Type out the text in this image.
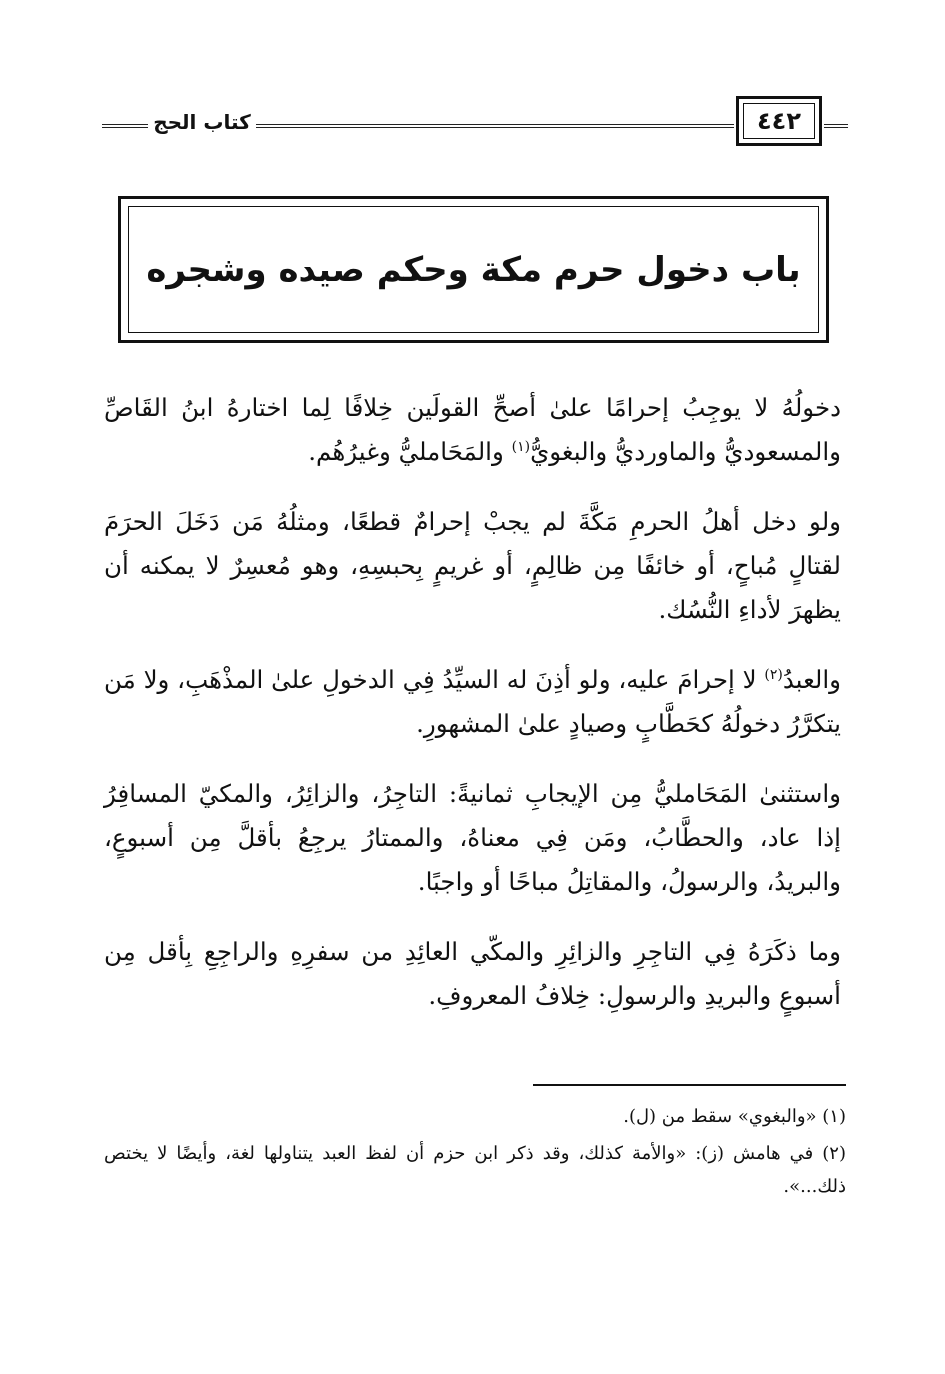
٤٤٢
كتاب الحج
باب دخول حرم مكة وحكم صيده وشجره

دخولُهُ لا يوجِبُ إحرامًا علىٰ أصحِّ القولَين خِلافًا لِما اختارهُ ابنُ القَاصِّ والمسعوديُّ والماورديُّ والبغويُّ$^{(١)}$ والمَحَامليُّ وغيرُهُم.

ولو دخل أهلُ الحرمِ مَكَّةَ لم يجبْ إحرامٌ قطعًا، ومثلُهُ مَن دَخَلَ الحرَمَ لقتالٍ مُباحٍ، أو خائفًا مِن ظالِمٍ، أو غريمٍ بِحبسِهِ، وهو مُعسِرٌ لا يمكنه أن يظهرَ لأداءِ النُّسُك.

والعبدُ$^{(٢)}$ لا إحرامَ عليه، ولو أذِنَ له السيِّدُ فِي الدخولِ علىٰ المذْهَبِ، ولا مَن يتكرَّرُ دخولُهُ كحَطَّابٍ وصيادٍ علىٰ المشهورِ.

واستثنىٰ المَحَامليُّ مِن الإيجابِ ثمانيةً: التاجِرُ، والزائِرُ، والمكيّ المسافِرُ إذا عاد، والحطَّابُ، ومَن فِي معناهُ، والممتارُ يرجِعُ بأقلَّ مِن أسبوعٍ، والبريدُ، والرسولُ، والمقاتِلُ مباحًا أو واجبًا.

وما ذكَرَهُ فِي التاجِرِ والزائِرِ والمكّي العائِدِ من سفرِهِ والراجِعِ بِأقل مِن أسبوعٍ والبريدِ والرسولِ: خِلافُ المعروفِ.

(١) «والبغوي» سقط من (ل).

(٢) في هامش (ز): «والأمة كذلك، وقد ذكر ابن حزم أن لفظ العبد يتناولها لغة، وأيضًا لا يختص ذلك...».
